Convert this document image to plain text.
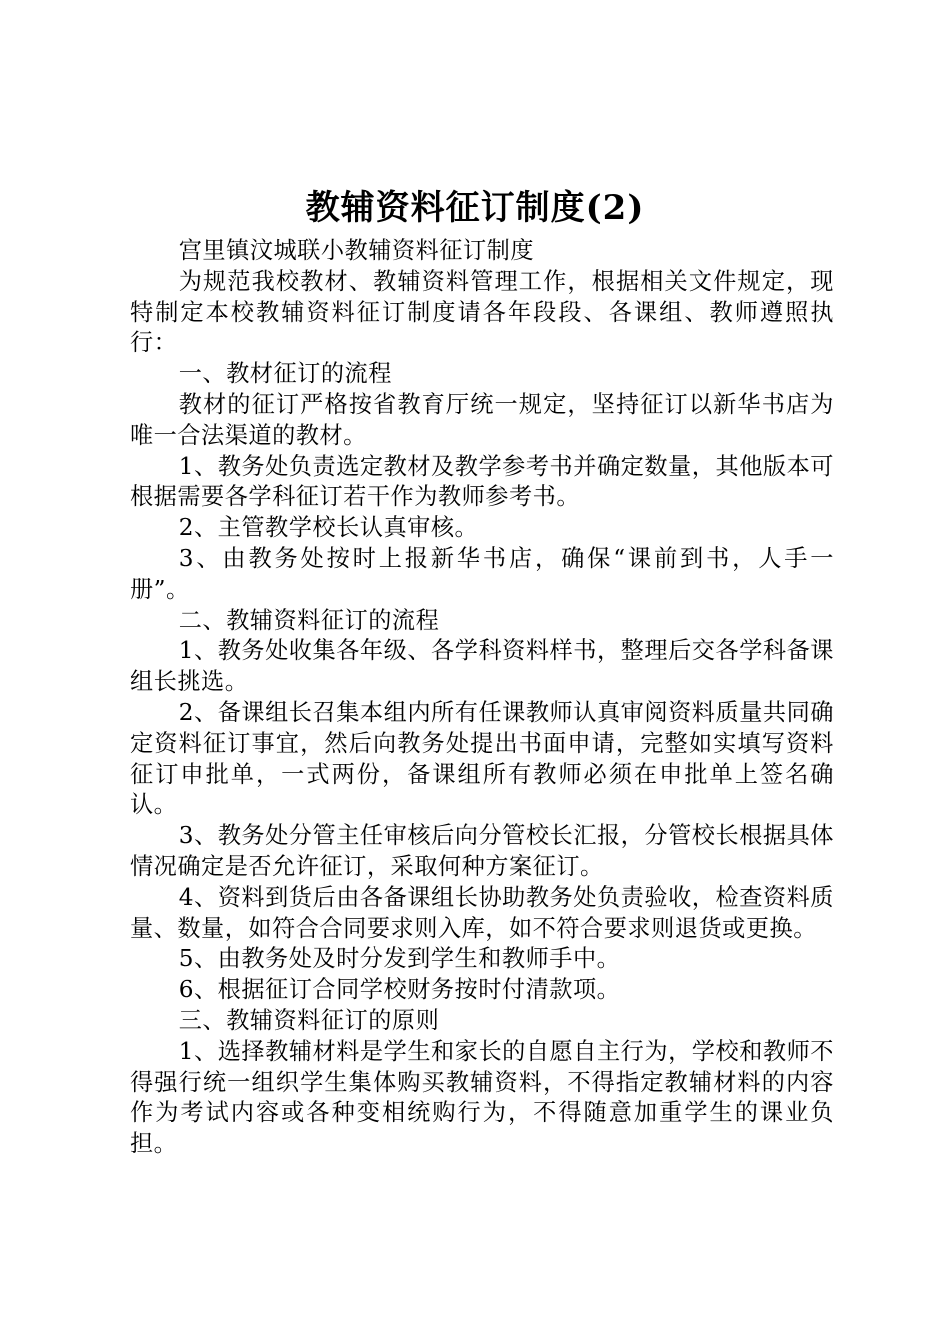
教辅资料征订制度(2)

宫里镇汶城联小教辅资料征订制度

为规范我校教材、教辅资料管理工作，根据相关文件规定，现特制定本校教辅资料征订制度请各年段段、各课组、教师遵照执行：

一、教材征订的流程

教材的征订严格按省教育厅统一规定，坚持征订以新华书店为唯一合法渠道的教材。

1、教务处负责选定教材及教学参考书并确定数量，其他版本可根据需要各学科征订若干作为教师参考书。

2、主管教学校长认真审核。

3、由教务处按时上报新华书店，确保“课前到书，人手一册”。

二、教辅资料征订的流程

1、教务处收集各年级、各学科资料样书，整理后交各学科备课组长挑选。

2、备课组长召集本组内所有任课教师认真审阅资料质量共同确定资料征订事宜，然后向教务处提出书面申请，完整如实填写资料征订申批单，一式两份，备课组所有教师必须在申批单上签名确认。

3、教务处分管主任审核后向分管校长汇报，分管校长根据具体情况确定是否允许征订，采取何种方案征订。

4、资料到货后由各备课组长协助教务处负责验收，检查资料质量、数量，如符合合同要求则入库，如不符合要求则退货或更换。

5、由教务处及时分发到学生和教师手中。

6、根据征订合同学校财务按时付清款项。

三、教辅资料征订的原则

1、选择教辅材料是学生和家长的自愿自主行为，学校和教师不得强行统一组织学生集体购买教辅资料，不得指定教辅材料的内容作为考试内容或各种变相统购行为，不得随意加重学生的课业负担。
